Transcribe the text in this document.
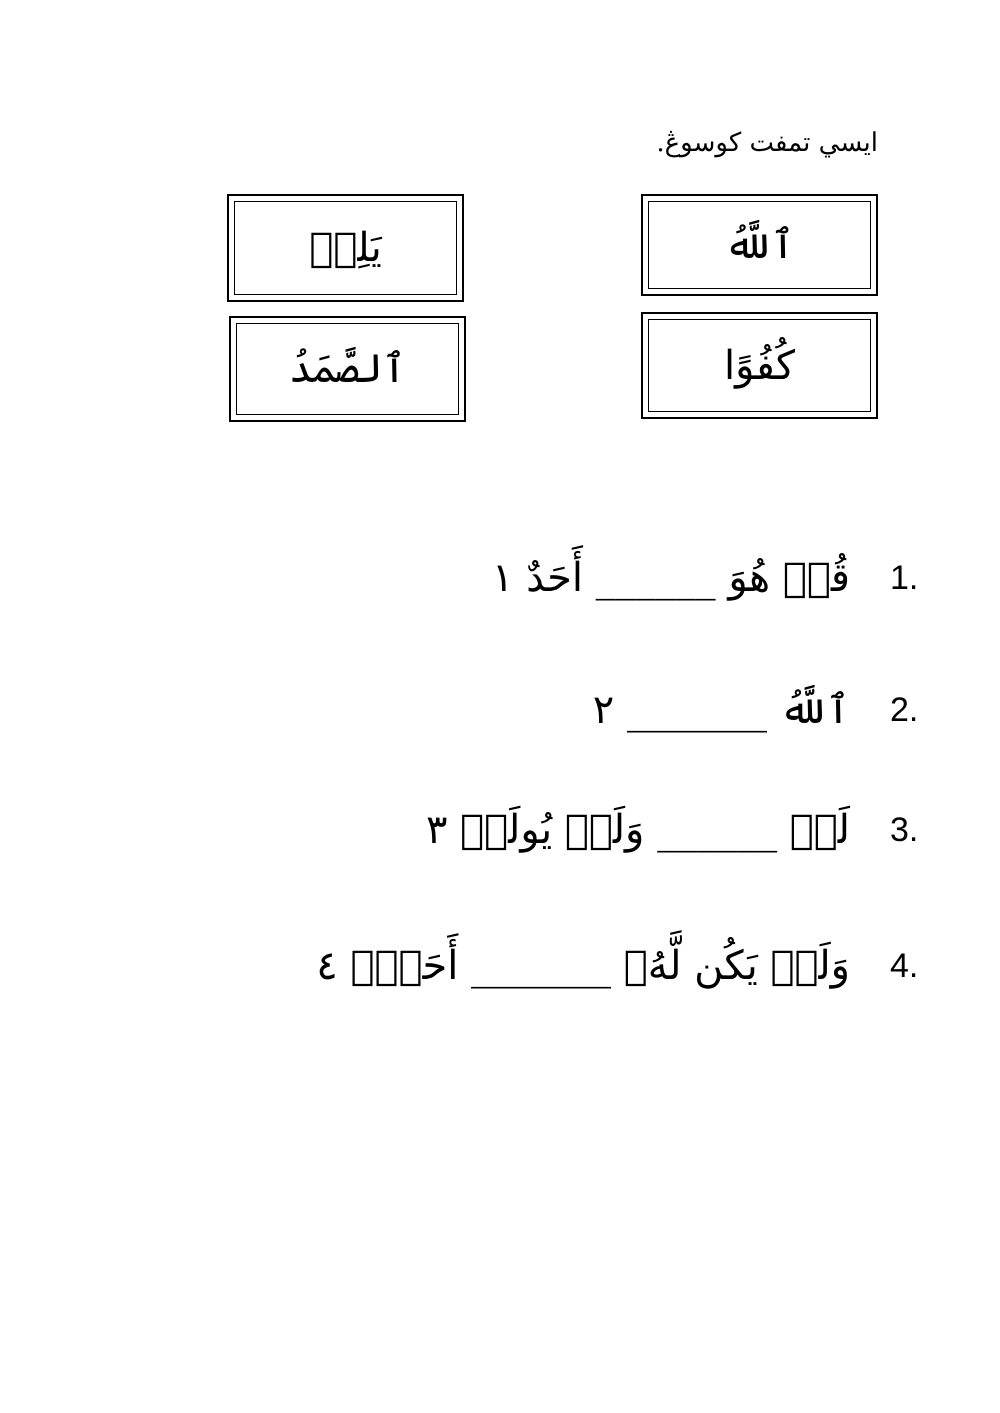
ايسي تمفت كوسوڠ.
ٱللَّهُ
يَلِدۡ
كُفُوًا
ٱلصَّمَدُ
1.
قُلۡ هُوَ ______ أَحَدٌ ١
2.
ٱللَّهُ _______ ٢
3.
لَمۡ ______ وَلَمۡ يُولَدۡ ٣
4.
وَلَمۡ يَكُن لَّهُۥ _______ أَحَدُۢ ٤
